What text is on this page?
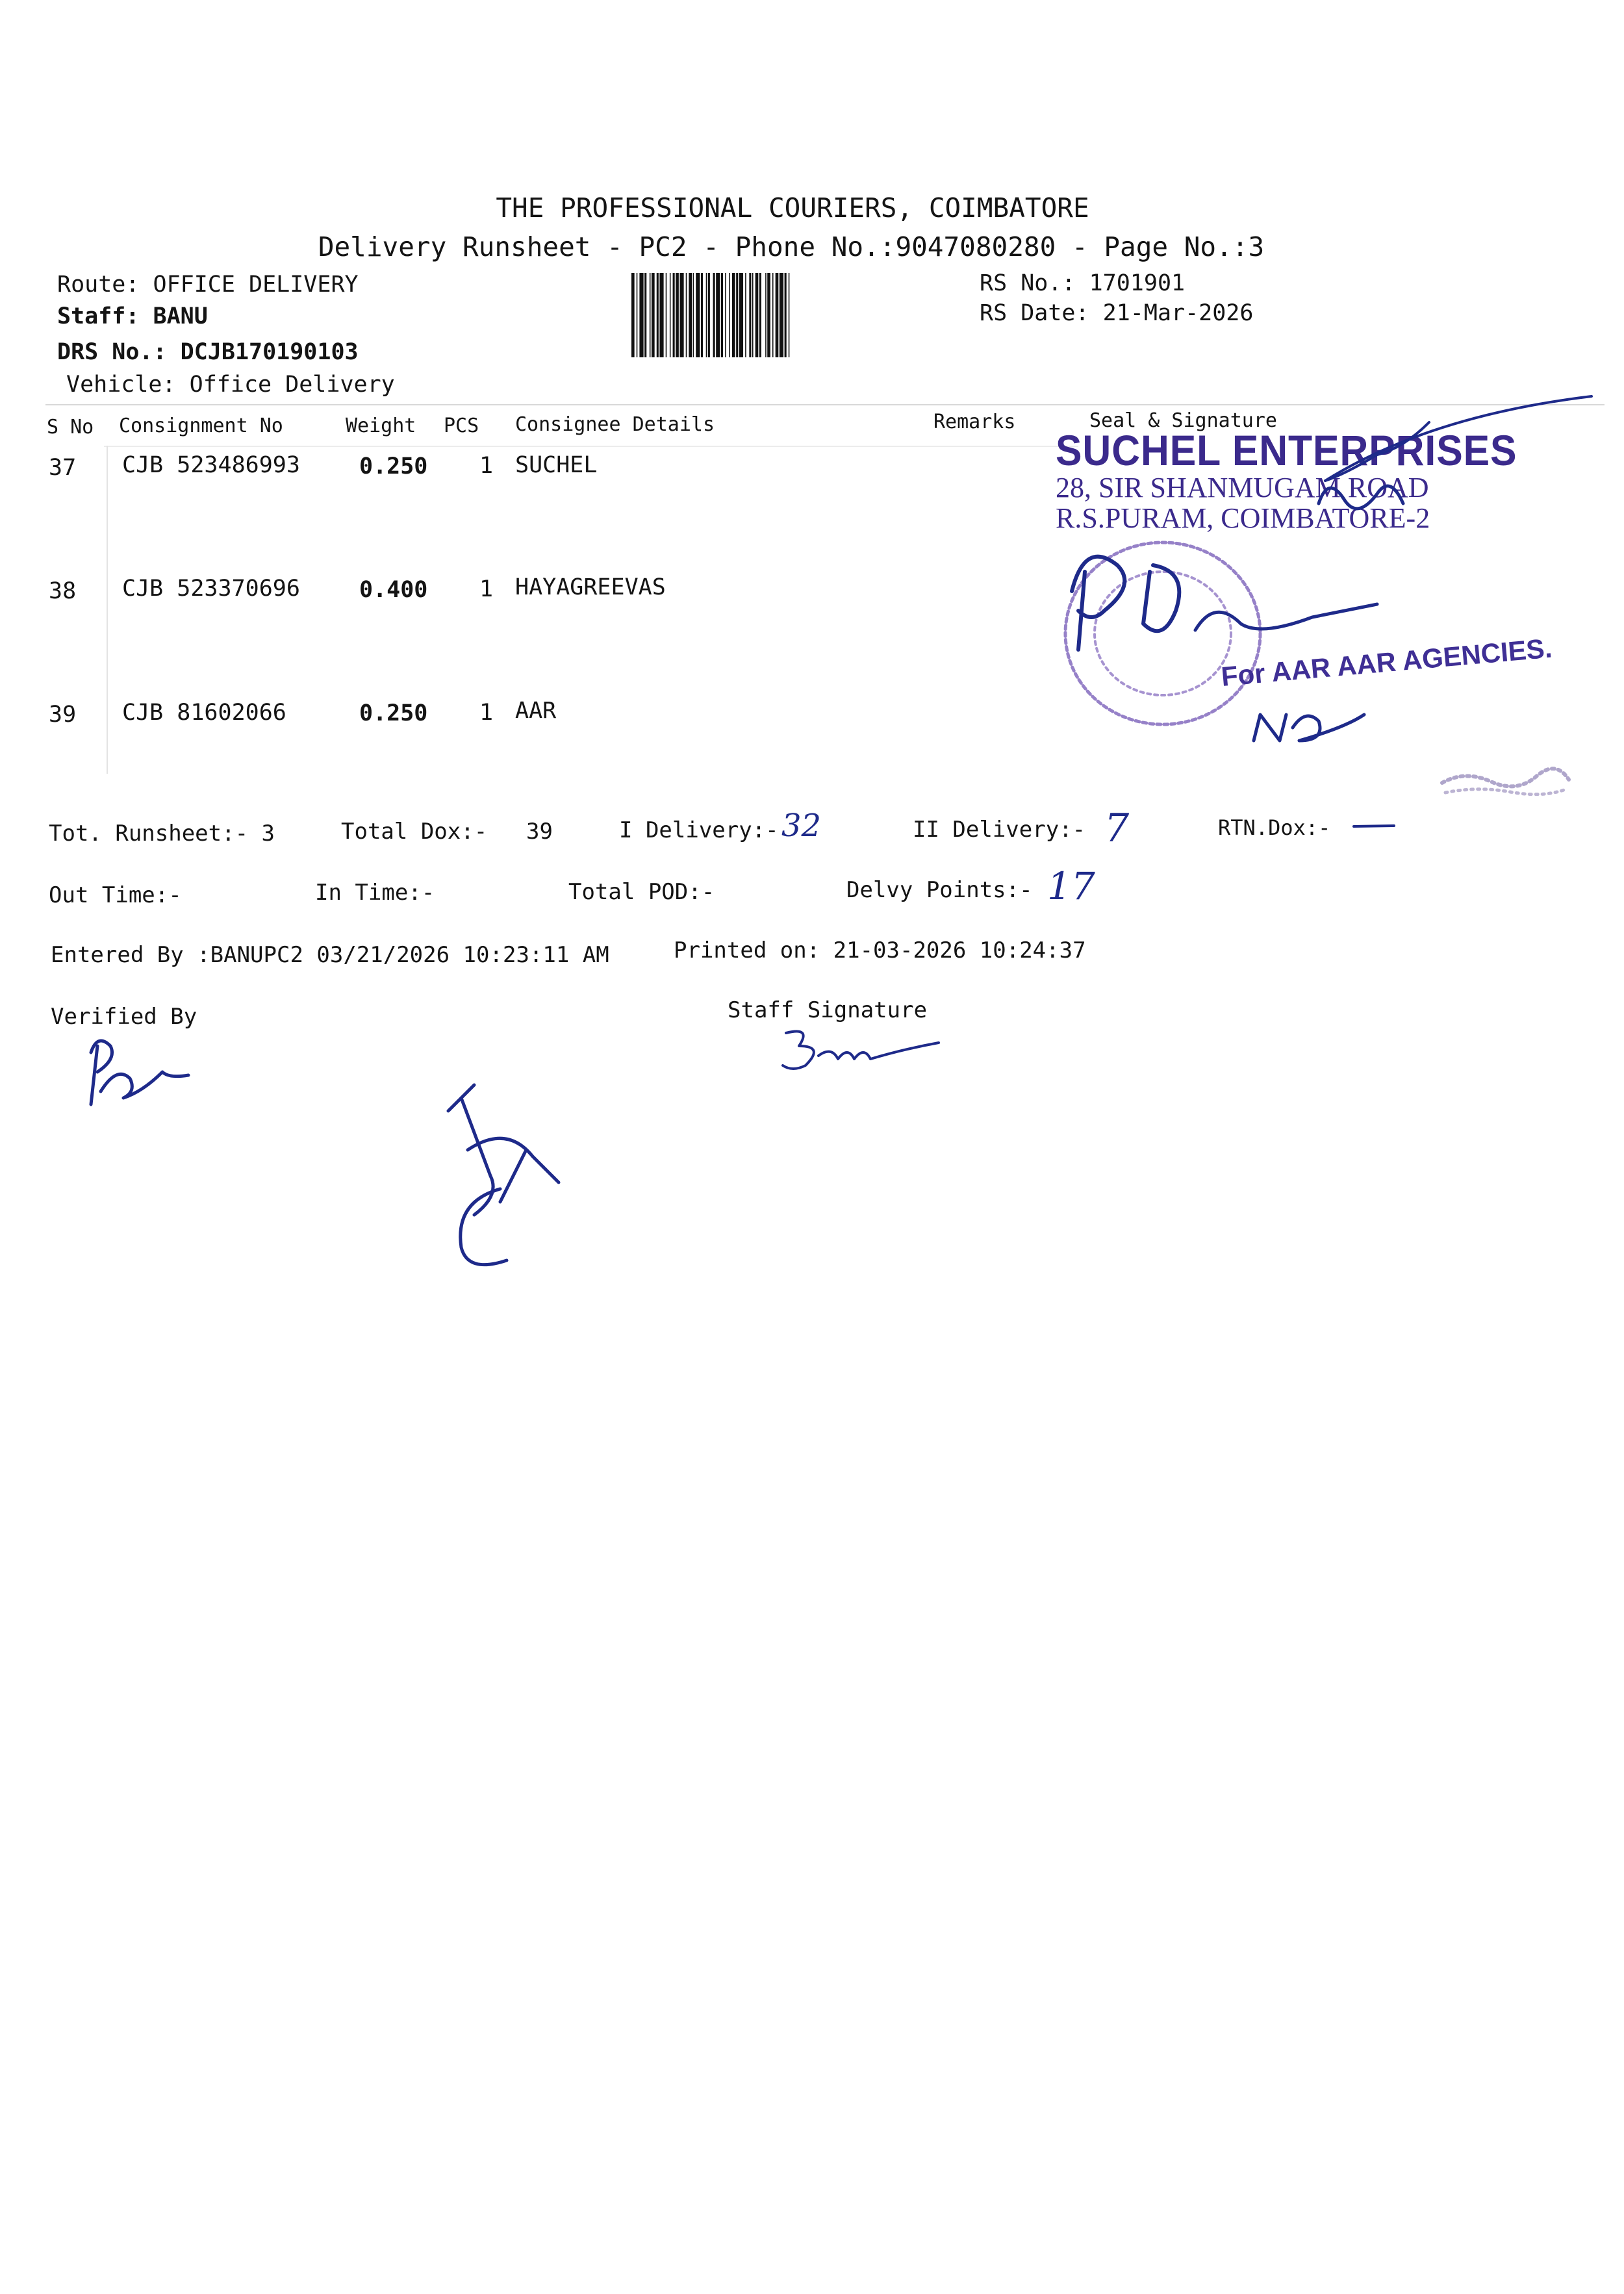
THE PROFESSIONAL COURIERS, COIMBATORE
Delivery Runsheet - PC2 - Phone No.:9047080280 - Page No.:3
Route: OFFICE DELIVERY
Staff: BANU
DRS No.: DCJB170190103
Vehicle: Office Delivery
RS No.: 1701901
RS Date: 21-Mar-2026
S No Consignment No	Weight PCS Consignee Details	Remarks	Seal & Signature
37 CJB 523486993	0.250 1 SUCHEL
38 CJB 523370696	0.400 1 HAYAGREEVAS
39 CJB 81602066	0.250 1 AAR
SUCHEL ENTERPRISES
28, SIR SHANMUGAM ROAD
R.S.PURAM, COIMBATORE-2
For AAR AAR AGENCIES.
Tot. Runsheet:- 3	Total Dox:- 39	I Delivery:- 32	II Delivery:- 7	RTN.Dox:-
Out Time:-	In Time:-	Total POD:-	Delvy Points:- 17
Entered By :BANUPC2 03/21/2026 10:23:11 AM	Printed on: 21-03-2026 10:24:37
Verified By	Staff Signature
